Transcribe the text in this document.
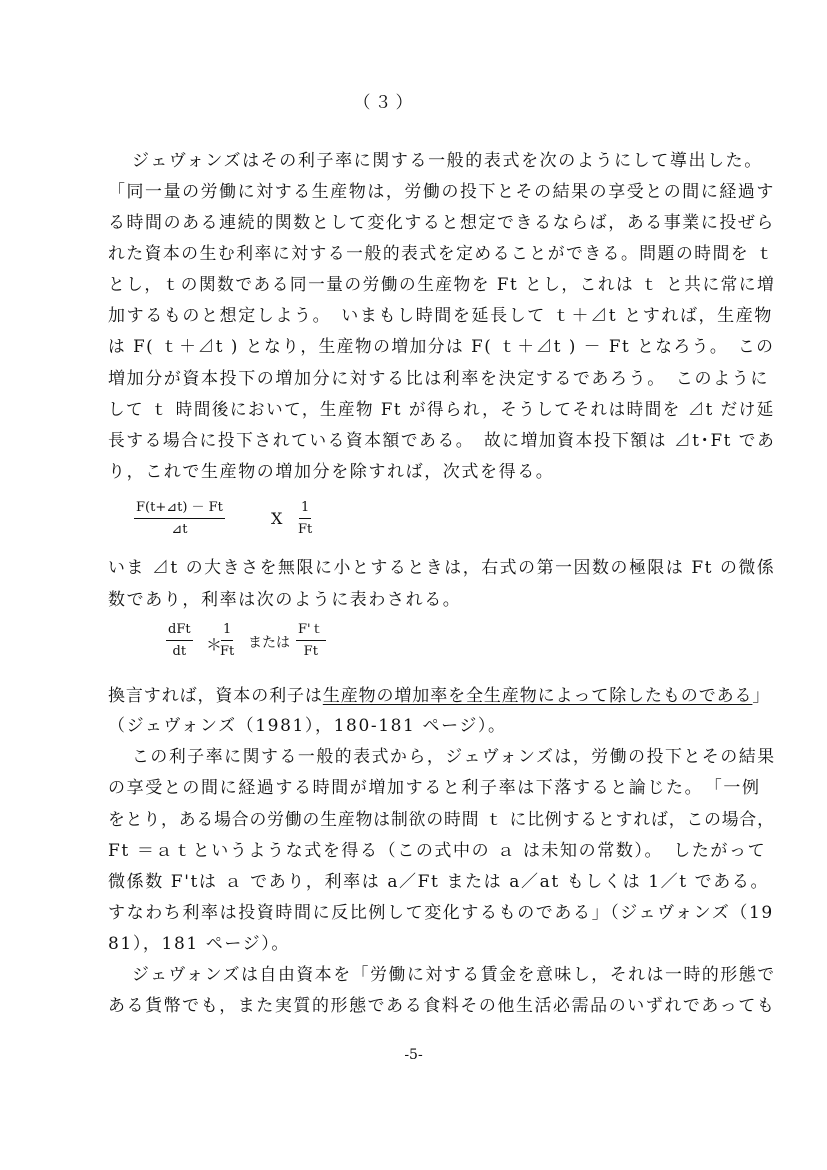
（３）
ジェヴォンズはその利子率に関する一般的表式を次のようにして導出した。
「同一量の労働に対する生産物は，労働の投下とその結果の享受との間に経過す
る時間のある連続的関数として変化すると想定できるならば，ある事業に投ぜら
れた資本の生む利率に対する一般的表式を定めることができる。問題の時間を ｔ
とし，ｔの関数である同一量の労働の生産物を Ft とし，これは ｔ と共に常に増
加するものと想定しよう。　いまもし時間を延長して ｔ＋⊿t とすれば，生産物
は F( ｔ＋⊿t ) となり，生産物の増加分は F( ｔ＋⊿t ) － Ft となろう。　この
増加分が資本投下の増加分に対する比は利率を決定するであろう。　このように
して ｔ 時間後において，生産物 Ft が得られ，そうしてそれは時間を ⊿t だけ延
長する場合に投下されている資本額である。　故に増加資本投下額は ⊿t･Ft であ
り，これで生産物の増加分を除すれば，次式を得る。
$\frac{F(t+⊿t) - Ft}{⊿t}$	X $\frac{1}{Ft}$
いま ⊿t の大きさを無限に小とするときは，右式の第一因数の極限は Ft の微係
数であり，利率は次のように表わされる。
dFt
dt ＊
$\frac{1}{Ft}$ または $\frac{\text{F'ｔ}}{Ft}$
換言すれば，資本の利子は生産物の増加率を全生産物によって除したものである」
（ジェヴォンズ（1981），180-181 ページ）。
この利子率に関する一般的表式から，ジェヴォンズは，労働の投下とその結果
の享受との間に経過する時間が増加すると利子率は下落すると論じた。　「一例
をとり，ある場合の労働の生産物は制欲の時間 ｔ に比例するとすれば，この場合，
Ft ＝ａｔというような式を得る（この式中の ａ は未知の常数）。　したがって
微係数 F'tは ａ であり，利率は a／Ft または a／at もしくは 1／t である。
すなわち利率は投資時間に反比例して変化するものである」（ジェヴォンズ（19
81），181 ページ）。
ジェヴォンズは自由資本を「労働に対する賃金を意味し，それは一時的形態で
ある貨幣でも，また実質的形態である食料その他生活必需品のいずれであっても
-5-
